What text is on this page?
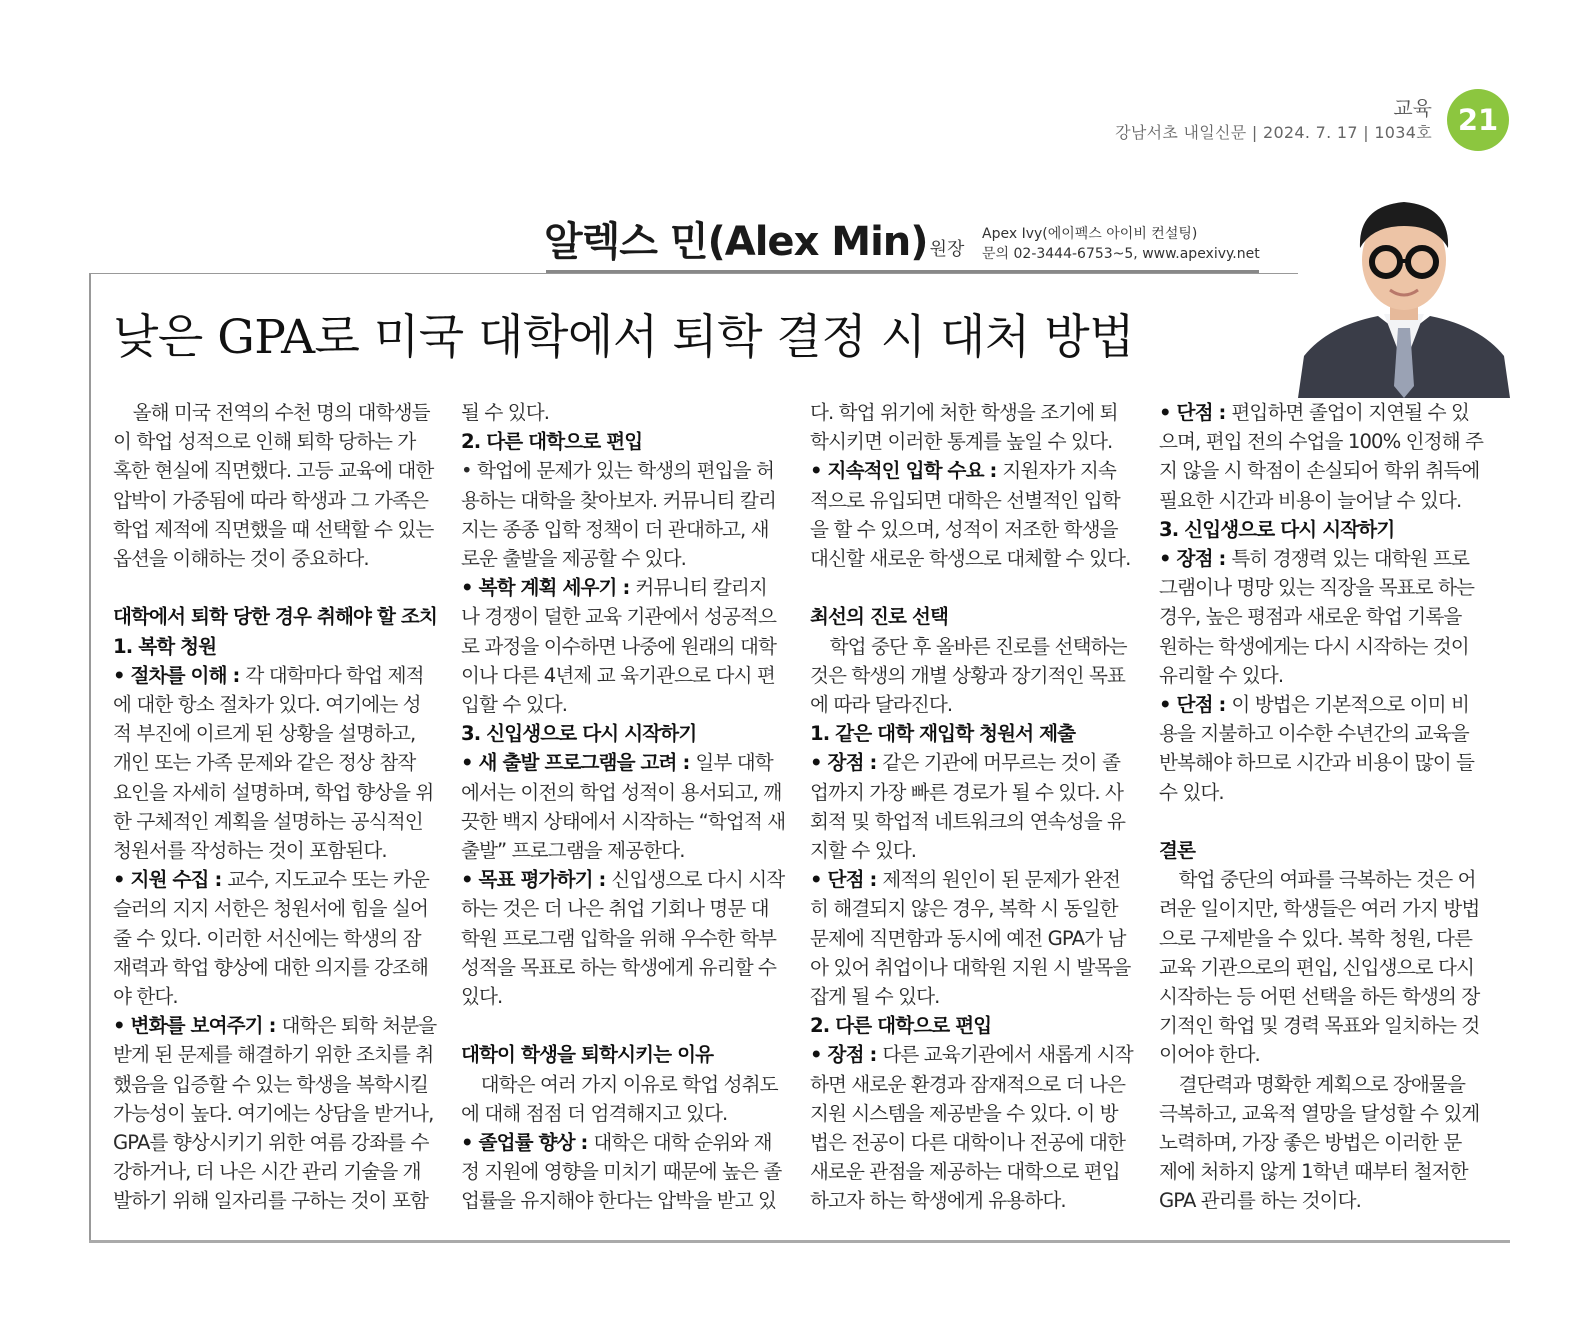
교육
강남서초 내일신문 | 2024. 7. 17 | 1034호 21
알렉스 민(Alex Min) 원장
Apex Ivy(에이펙스 아이비 컨설팅)
문의 02-3444-6753~5, www.apexivy.net
낮은 GPA로 미국 대학에서 퇴학 결정 시 대처 방법

올해 미국 전역의 수천 명의 대학생들

이 학업 성적으로 인해 퇴학 당하는 가

혹한 현실에 직면했다. 고등 교육에 대한

압박이 가중됨에 따라 학생과 그 가족은

학업 제적에 직면했을 때 선택할 수 있는

옵션을 이해하는 것이 중요하다.

대학에서 퇴학 당한 경우 취해야 할 조치

1. 복학 청원

• 절차를 이해 : 각 대학마다 학업 제적

에 대한 항소 절차가 있다. 여기에는 성

적 부진에 이르게 된 상황을 설명하고,

개인 또는 가족 문제와 같은 정상 참작

요인을 자세히 설명하며, 학업 향상을 위

한 구체적인 계획을 설명하는 공식적인

청원서를 작성하는 것이 포함된다.

• 지원 수집 : 교수, 지도교수 또는 카운

슬러의 지지 서한은 청원서에 힘을 실어

줄 수 있다. 이러한 서신에는 학생의 잠

재력과 학업 향상에 대한 의지를 강조해

야 한다.

• 변화를 보여주기 : 대학은 퇴학 처분을

받게 된 문제를 해결하기 위한 조치를 취

했음을 입증할 수 있는 학생을 복학시킬

가능성이 높다. 여기에는 상담을 받거나,

GPA를 향상시키기 위한 여름 강좌를 수

강하거나, 더 나은 시간 관리 기술을 개

발하기 위해 일자리를 구하는 것이 포함

될 수 있다.

2. 다른 대학으로 편입

• 학업에 문제가 있는 학생의 편입을 허

용하는 대학을 찾아보자. 커뮤니티 칼리

지는 종종 입학 정책이 더 관대하고, 새

로운 출발을 제공할 수 있다.

• 복학 계획 세우기 : 커뮤니티 칼리지

나 경쟁이 덜한 교육 기관에서 성공적으

로 과정을 이수하면 나중에 원래의 대학

이나 다른 4년제 교 육기관으로 다시 편

입할 수 있다.

3. 신입생으로 다시 시작하기

• 새 출발 프로그램을 고려 : 일부 대학

에서는 이전의 학업 성적이 용서되고, 깨

끗한 백지 상태에서 시작하는 “학업적 새

출발” 프로그램을 제공한다.

• 목표 평가하기 : 신입생으로 다시 시작

하는 것은 더 나은 취업 기회나 명문 대

학원 프로그램 입학을 위해 우수한 학부

성적을 목표로 하는 학생에게 유리할 수

있다.

대학이 학생을 퇴학시키는 이유

대학은 여러 가지 이유로 학업 성취도

에 대해 점점 더 엄격해지고 있다.

• 졸업률 향상 : 대학은 대학 순위와 재

정 지원에 영향을 미치기 때문에 높은 졸

업률을 유지해야 한다는 압박을 받고 있

다. 학업 위기에 처한 학생을 조기에 퇴

학시키면 이러한 통계를 높일 수 있다.

• 지속적인 입학 수요 : 지원자가 지속

적으로 유입되면 대학은 선별적인 입학

을 할 수 있으며, 성적이 저조한 학생을

대신할 새로운 학생으로 대체할 수 있다.

최선의 진로 선택

학업 중단 후 올바른 진로를 선택하는

것은 학생의 개별 상황과 장기적인 목표

에 따라 달라진다.

1. 같은 대학 재입학 청원서 제출

• 장점 : 같은 기관에 머무르는 것이 졸

업까지 가장 빠른 경로가 될 수 있다. 사

회적 및 학업적 네트워크의 연속성을 유

지할 수 있다.

• 단점 : 제적의 원인이 된 문제가 완전

히 해결되지 않은 경우, 복학 시 동일한

문제에 직면함과 동시에 예전 GPA가 남

아 있어 취업이나 대학원 지원 시 발목을

잡게 될 수 있다.

2. 다른 대학으로 편입

• 장점 : 다른 교육기관에서 새롭게 시작

하면 새로운 환경과 잠재적으로 더 나은

지원 시스템을 제공받을 수 있다. 이 방

법은 전공이 다른 대학이나 전공에 대한

새로운 관점을 제공하는 대학으로 편입

하고자 하는 학생에게 유용하다.

• 단점 : 편입하면 졸업이 지연될 수 있

으며, 편입 전의 수업을 100% 인정해 주

지 않을 시 학점이 손실되어 학위 취득에

필요한 시간과 비용이 늘어날 수 있다.

3. 신입생으로 다시 시작하기

• 장점 : 특히 경쟁력 있는 대학원 프로

그램이나 명망 있는 직장을 목표로 하는

경우, 높은 평점과 새로운 학업 기록을

원하는 학생에게는 다시 시작하는 것이

유리할 수 있다.

• 단점 : 이 방법은 기본적으로 이미 비

용을 지불하고 이수한 수년간의 교육을

반복해야 하므로 시간과 비용이 많이 들

수 있다.

결론

학업 중단의 여파를 극복하는 것은 어

려운 일이지만, 학생들은 여러 가지 방법

으로 구제받을 수 있다. 복학 청원, 다른

교육 기관으로의 편입, 신입생으로 다시

시작하는 등 어떤 선택을 하든 학생의 장

기적인 학업 및 경력 목표와 일치하는 것

이어야 한다.

결단력과 명확한 계획으로 장애물을

극복하고, 교육적 열망을 달성할 수 있게

노력하며, 가장 좋은 방법은 이러한 문

제에 처하지 않게 1학년 때부터 철저한

GPA 관리를 하는 것이다.
